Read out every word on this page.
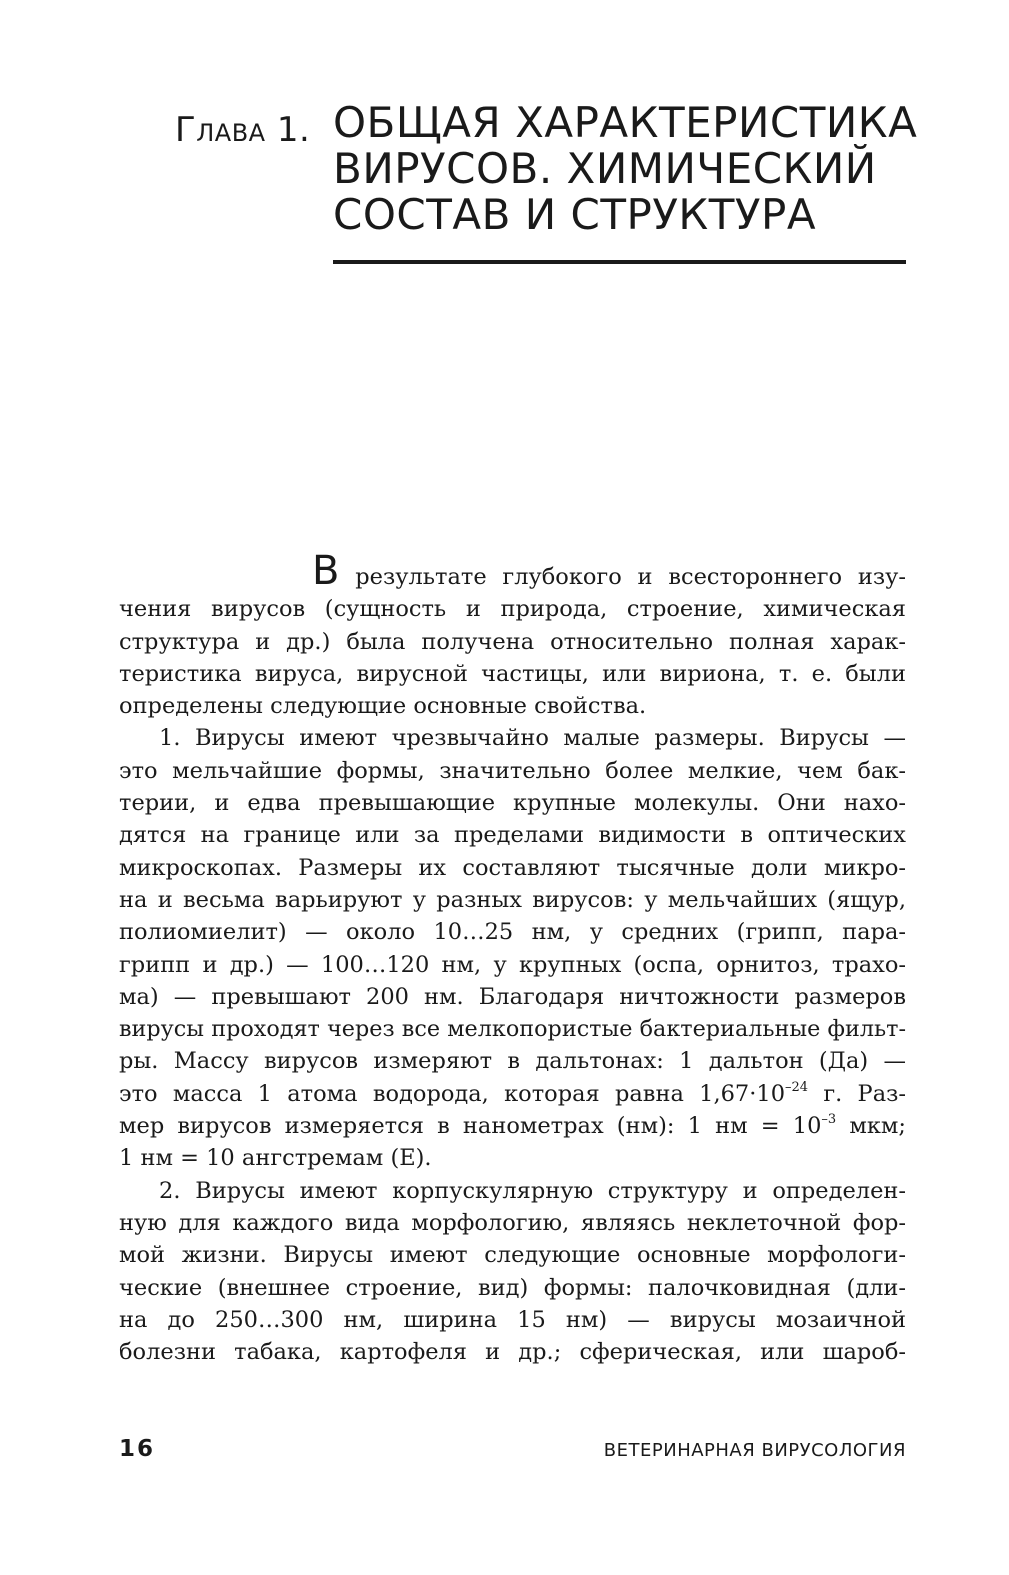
Глава 1. ОБЩАЯ ХАРАКТЕРИСТИКА
ВИРУСОВ. ХИМИЧЕСКИЙ
СОСТАВ И СТРУКТУРА

В результате глубокого и всестороннего изу-
чения вирусов (сущность и природа, строение, химическая
структура и др.) была получена относительно полная харак-
теристика вируса, вирусной частицы, или вириона, т. е. были
определены следующие основные свойства.

1. Вирусы имеют чрезвычайно малые размеры. Вирусы —
это мельчайшие формы, значительно более мелкие, чем бак-
терии, и едва превышающие крупные молекулы. Они нахо-
дятся на границе или за пределами видимости в оптических
микроскопах. Размеры их составляют тысячные доли микро-
на и весьма варьируют у разных вирусов: у мельчайших (ящур,
полиомиелит) — около 10…25 нм, у средних (грипп, пара-
грипп и др.) — 100…120 нм, у крупных (оспа, орнитоз, трахо-
ма) — превышают 200 нм. Благодаря ничтожности размеров
вирусы проходят через все мелкопористые бактериальные фильт-
ры. Массу вирусов измеряют в дальтонах: 1 дальтон (Да) —
это масса 1 атома водорода, которая равна $1,67\cdot 10^{-24}$ г. Раз-
мер вирусов измеряется в нанометрах (нм): 1 нм = $10^{-3}$ мкм;
1 нм = 10 ангстремам (Е).

2. Вирусы имеют корпускулярную структуру и определен-
ную для каждого вида морфологию, являясь неклеточной фор-
мой жизни. Вирусы имеют следующие основные морфологи-
ческие (внешнее строение, вид) формы: палочковидная (дли-
на до 250…300 нм, ширина 15 нм) — вирусы мозаичной
болезни табака, картофеля и др.; сферическая, или шароб-

16	ВЕТЕРИНАРНАЯ ВИРУСОЛОГИЯ
